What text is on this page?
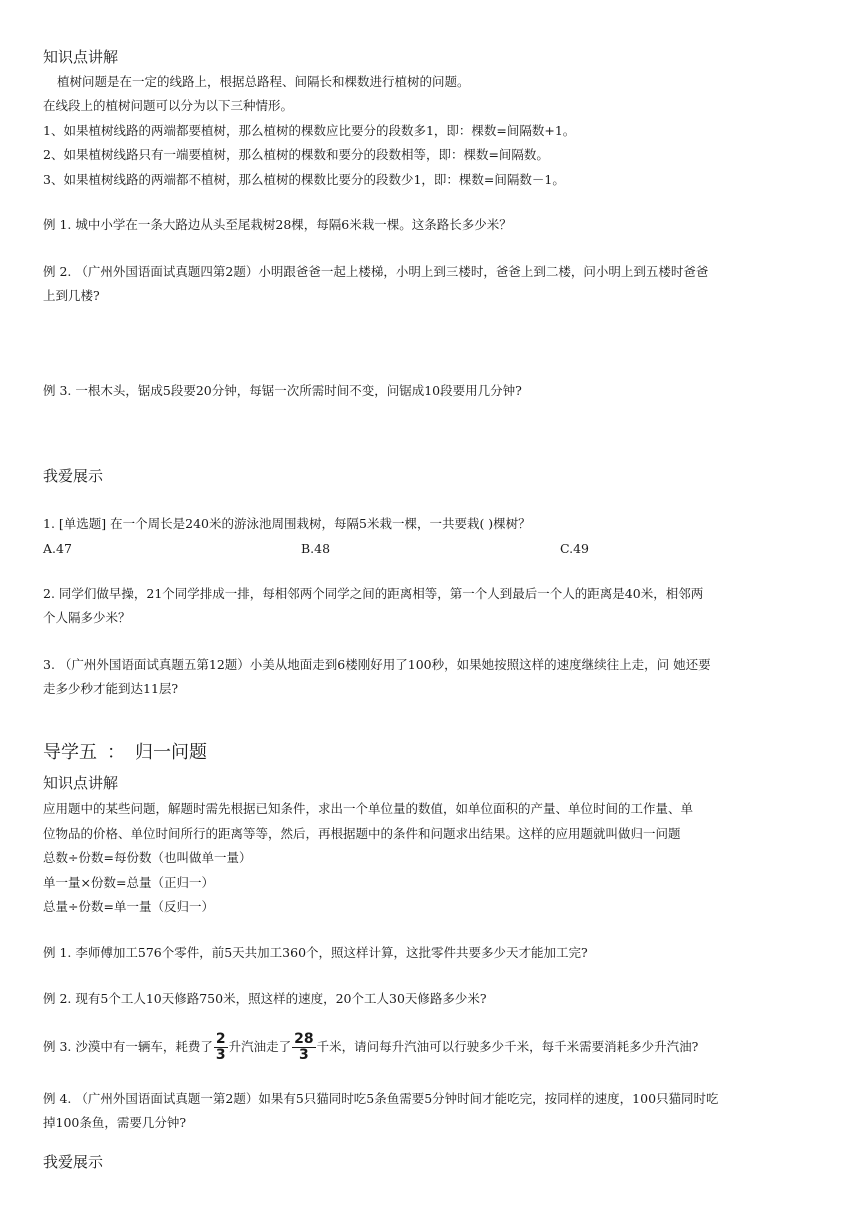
知识点讲解
植树问题是在一定的线路上，根据总路程、间隔长和棵数进行植树的问题。
在线段上的植树问题可以分为以下三种情形。
1、如果植树线路的两端都要植树，那么植树的棵数应比要分的段数多1，即：棵数=间隔数+1。
2、如果植树线路只有一端要植树，那么植树的棵数和要分的段数相等，即：棵数=间隔数。
3、如果植树线路的两端都不植树，那么植树的棵数比要分的段数少1，即：棵数=间隔数－1。
例 1. 城中小学在一条大路边从头至尾栽树28棵，每隔6米栽一棵。这条路长多少米？
例 2. （广州外国语面试真题四第2题）小明跟爸爸一起上楼梯，小明上到三楼时，爸爸上到二楼，问小明上到五楼时爸爸
上到几楼?
例 3. 一根木头，锯成5段要20分钟，每锯一次所需时间不变，问锯成10段要用几分钟?
我爱展示
1. [单选题] 在一个周长是240米的游泳池周围栽树，每隔5米栽一棵，一共要栽( )棵树？
A.47	B.48	C.49
2. 同学们做早操，21个同学排成一排，每相邻两个同学之间的距离相等，第一个人到最后一个人的距离是40米，相邻两
个人隔多少米？
3. （广州外国语面试真题五第12题）小美从地面走到6楼刚好用了100秒，如果她按照这样的速度继续往上走，问 她还要
走多少秒才能到达11层?
导学五 ： 归一问题
知识点讲解
应用题中的某些问题，解题时需先根据已知条件，求出一个单位量的数值，如单位面积的产量、单位时间的工作量、单
位物品的价格、单位时间所行的距离等等，然后，再根据题中的条件和问题求出结果。这样的应用题就叫做归一问题
总数÷份数=每份数（也叫做单一量）
单一量×份数=总量（正归一）
总量÷份数=单一量（反归一）
例 1. 李师傅加工576个零件，前5天共加工360个，照这样计算，这批零件共要多少天才能加工完?
例 2. 现有5个工人10天修路750米，照这样的速度，20个工人30天修路多少米?
例 3. 沙漠中有一辆车，耗费了 $\frac{2}{3}$ 升汽油走了 $\frac{28}{3}$ 千米，请问每升汽油可以行驶多少千米，每千米需要消耗多少升汽油?
例 4. （广州外国语面试真题一第2题）如果有5只猫同时吃5条鱼需要5分钟时间才能吃完，按同样的速度，100只猫同时吃
掉100条鱼，需要几分钟?
我爱展示
